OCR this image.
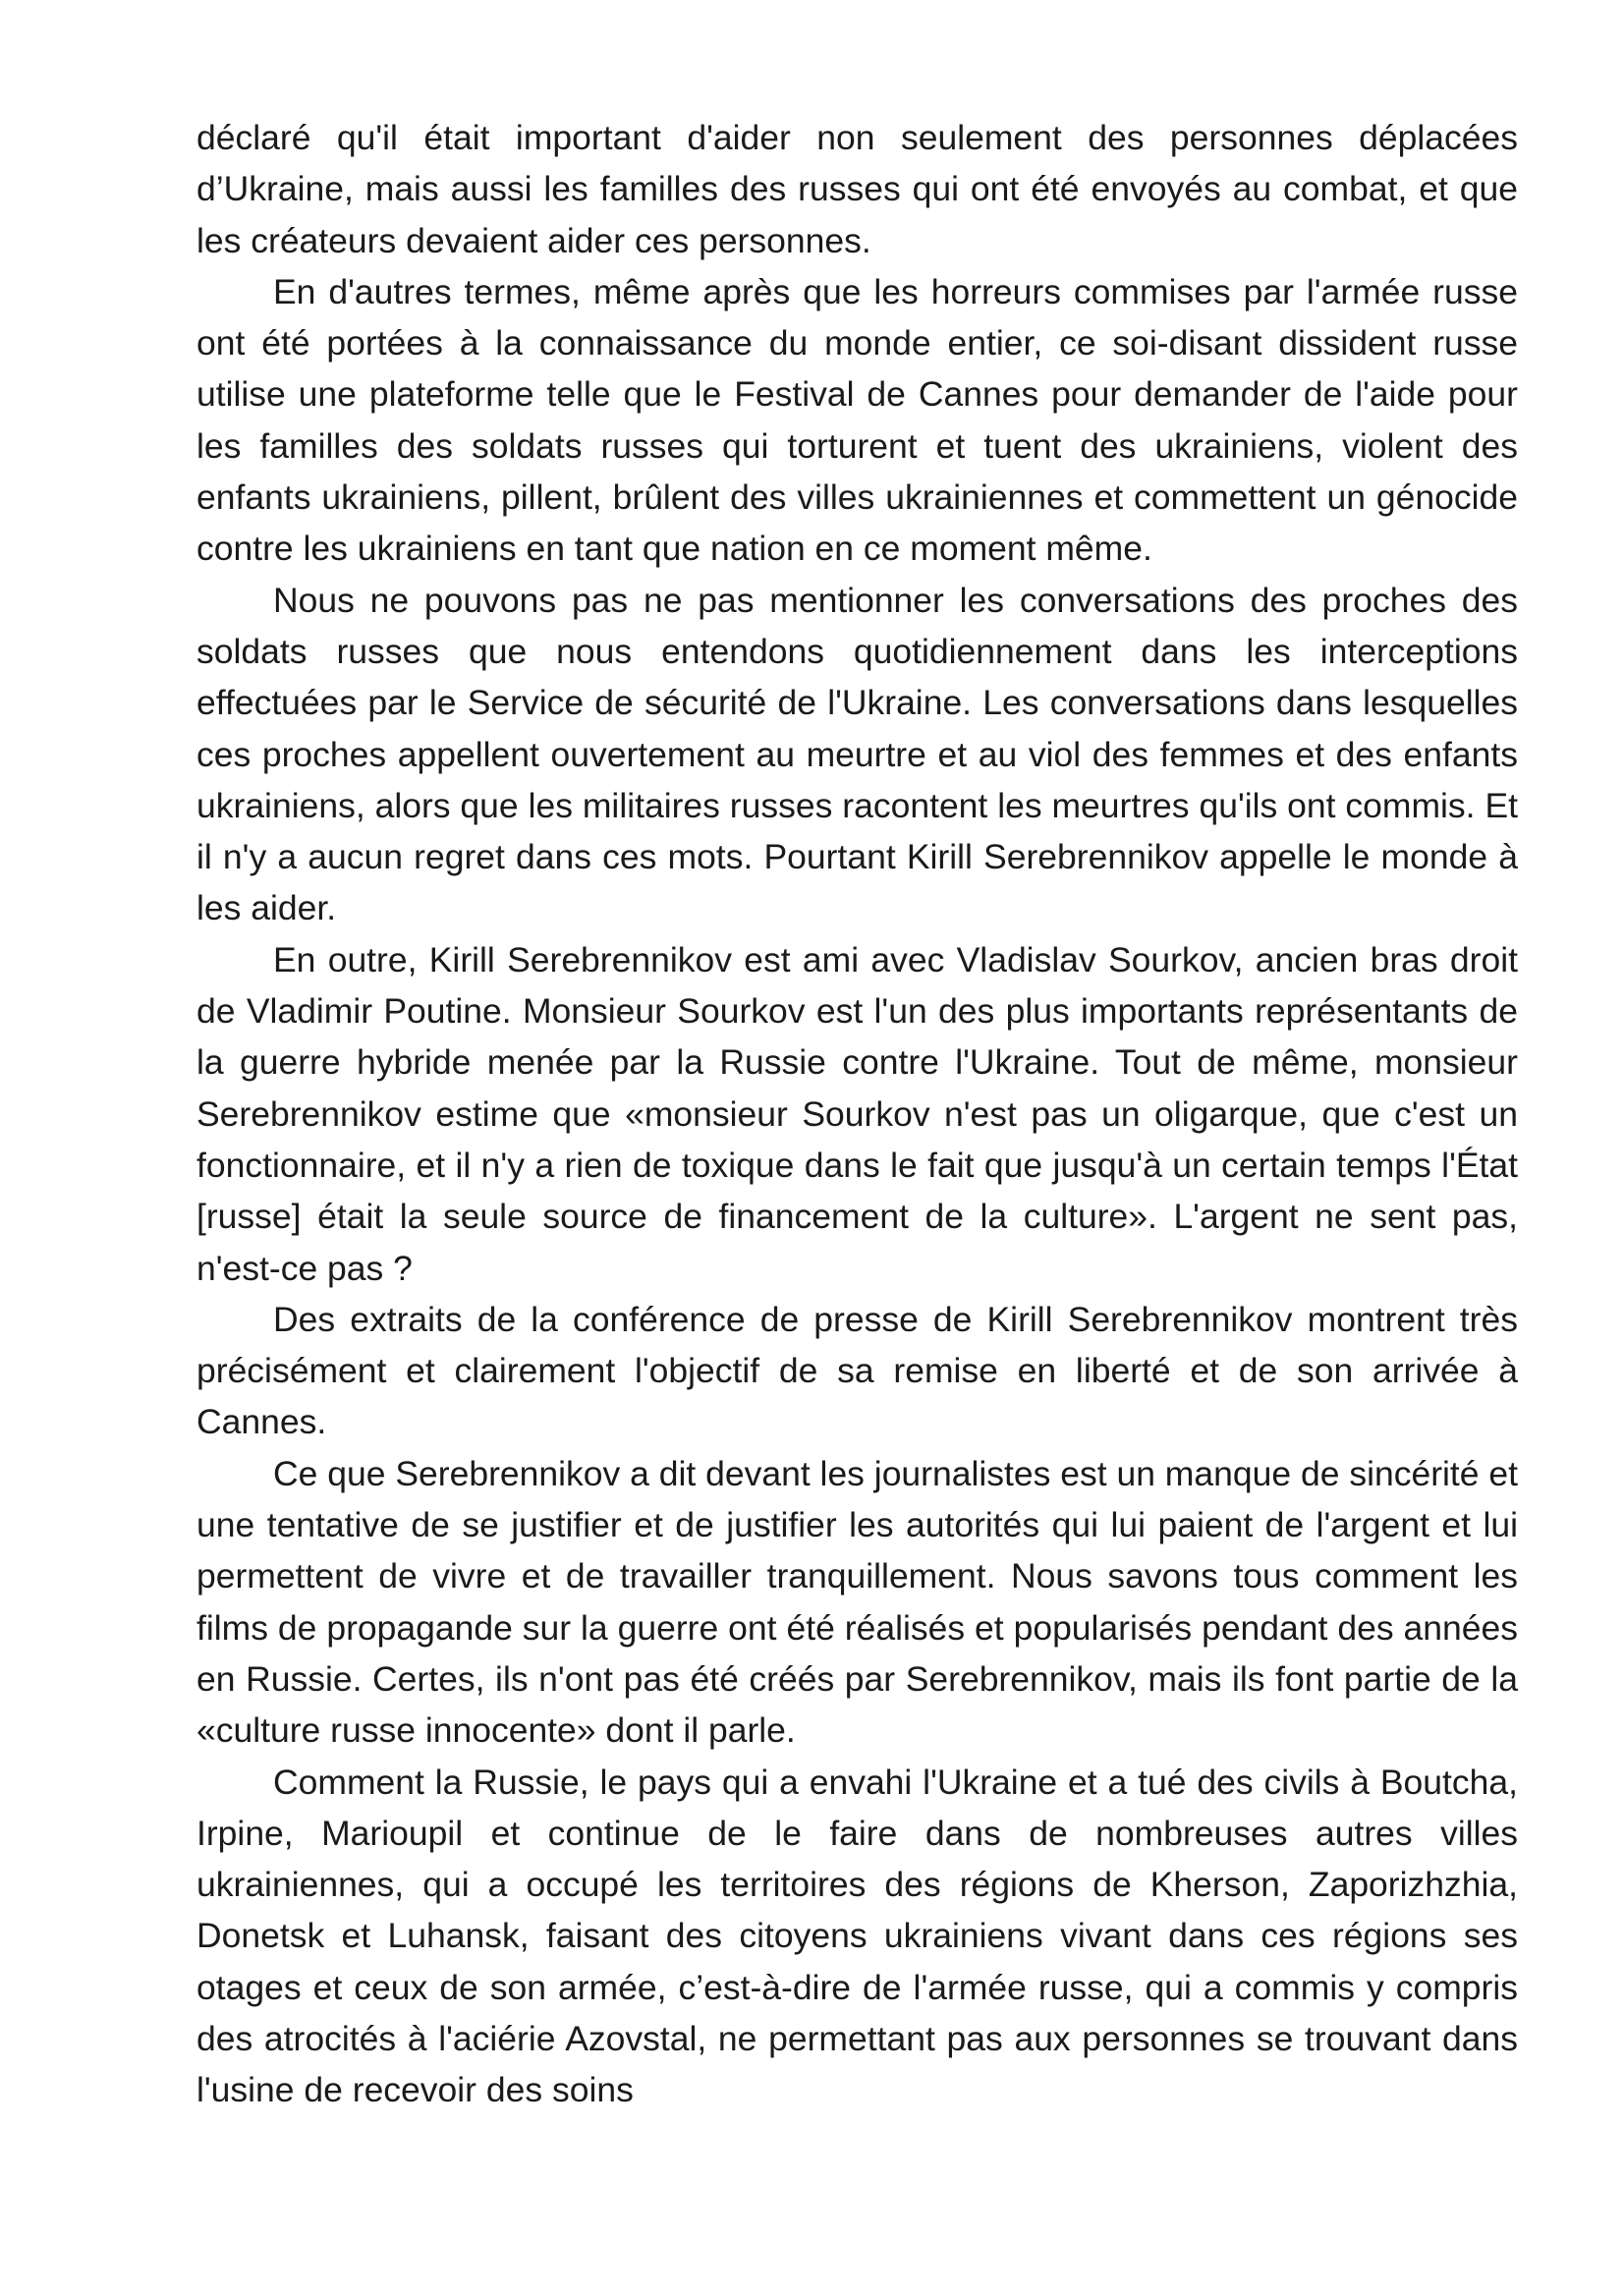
déclaré qu'il était important d'aider non seulement des personnes déplacées d’Ukraine, mais aussi les familles des russes qui ont été envoyés au combat, et que les créateurs devaient aider ces personnes.

En d'autres termes, même après que les horreurs commises par l'armée russe ont été portées à la connaissance du monde entier, ce soi-disant dissident russe utilise une plateforme telle que le Festival de Cannes pour demander de l'aide pour les familles des soldats russes qui torturent et tuent des ukrainiens, violent des enfants ukrainiens, pillent, brûlent des villes ukrainiennes et commettent un génocide contre les ukrainiens en tant que nation en ce moment même.

Nous ne pouvons pas ne pas mentionner les conversations des proches des soldats russes que nous entendons quotidiennement dans les interceptions effectuées par le Service de sécurité de l'Ukraine. Les conversations dans lesquelles ces proches appellent ouvertement au meurtre et au viol des femmes et des enfants ukrainiens, alors que les militaires russes racontent les meurtres qu'ils ont commis. Et il n'y a aucun regret dans ces mots. Pourtant Kirill Serebrennikov appelle le monde à les aider.

En outre, Kirill Serebrennikov est ami avec Vladislav Sourkov, ancien bras droit de Vladimir Poutine. Monsieur Sourkov est l'un des plus importants représentants de la guerre hybride menée par la Russie contre l'Ukraine. Tout de même, monsieur Serebrennikov estime que «monsieur Sourkov n'est pas un oligarque, que c'est un fonctionnaire, et il n'y a rien de toxique dans le fait que jusqu'à un certain temps l'État [russe] était la seule source de financement de la culture». L'argent ne sent pas, n'est-ce pas ?

Des extraits de la conférence de presse de Kirill Serebrennikov montrent très précisément et clairement l'objectif de sa remise en liberté et de son arrivée à Cannes.

Ce que Serebrennikov a dit devant les journalistes est un manque de sincérité et une tentative de se justifier et de justifier les autorités qui lui paient de l'argent et lui permettent de vivre et de travailler tranquillement. Nous savons tous comment les films de propagande sur la guerre ont été réalisés et popularisés pendant des années en Russie. Certes, ils n'ont pas été créés par Serebrennikov, mais ils font partie de la «culture russe innocente» dont il parle.

Comment la Russie, le pays qui a envahi l'Ukraine et a tué des civils à Boutcha, Irpine, Marioupil et continue de le faire dans de nombreuses autres villes ukrainiennes, qui a occupé les territoires des régions de Kherson, Zaporizhzhia, Donetsk et Luhansk, faisant des citoyens ukrainiens vivant dans ces régions ses otages et ceux de son armée, c’est-à-dire de l'armée russe, qui a commis y compris des atrocités à l'aciérie Azovstal, ne permettant pas aux personnes se trouvant dans l'usine de recevoir des soins
